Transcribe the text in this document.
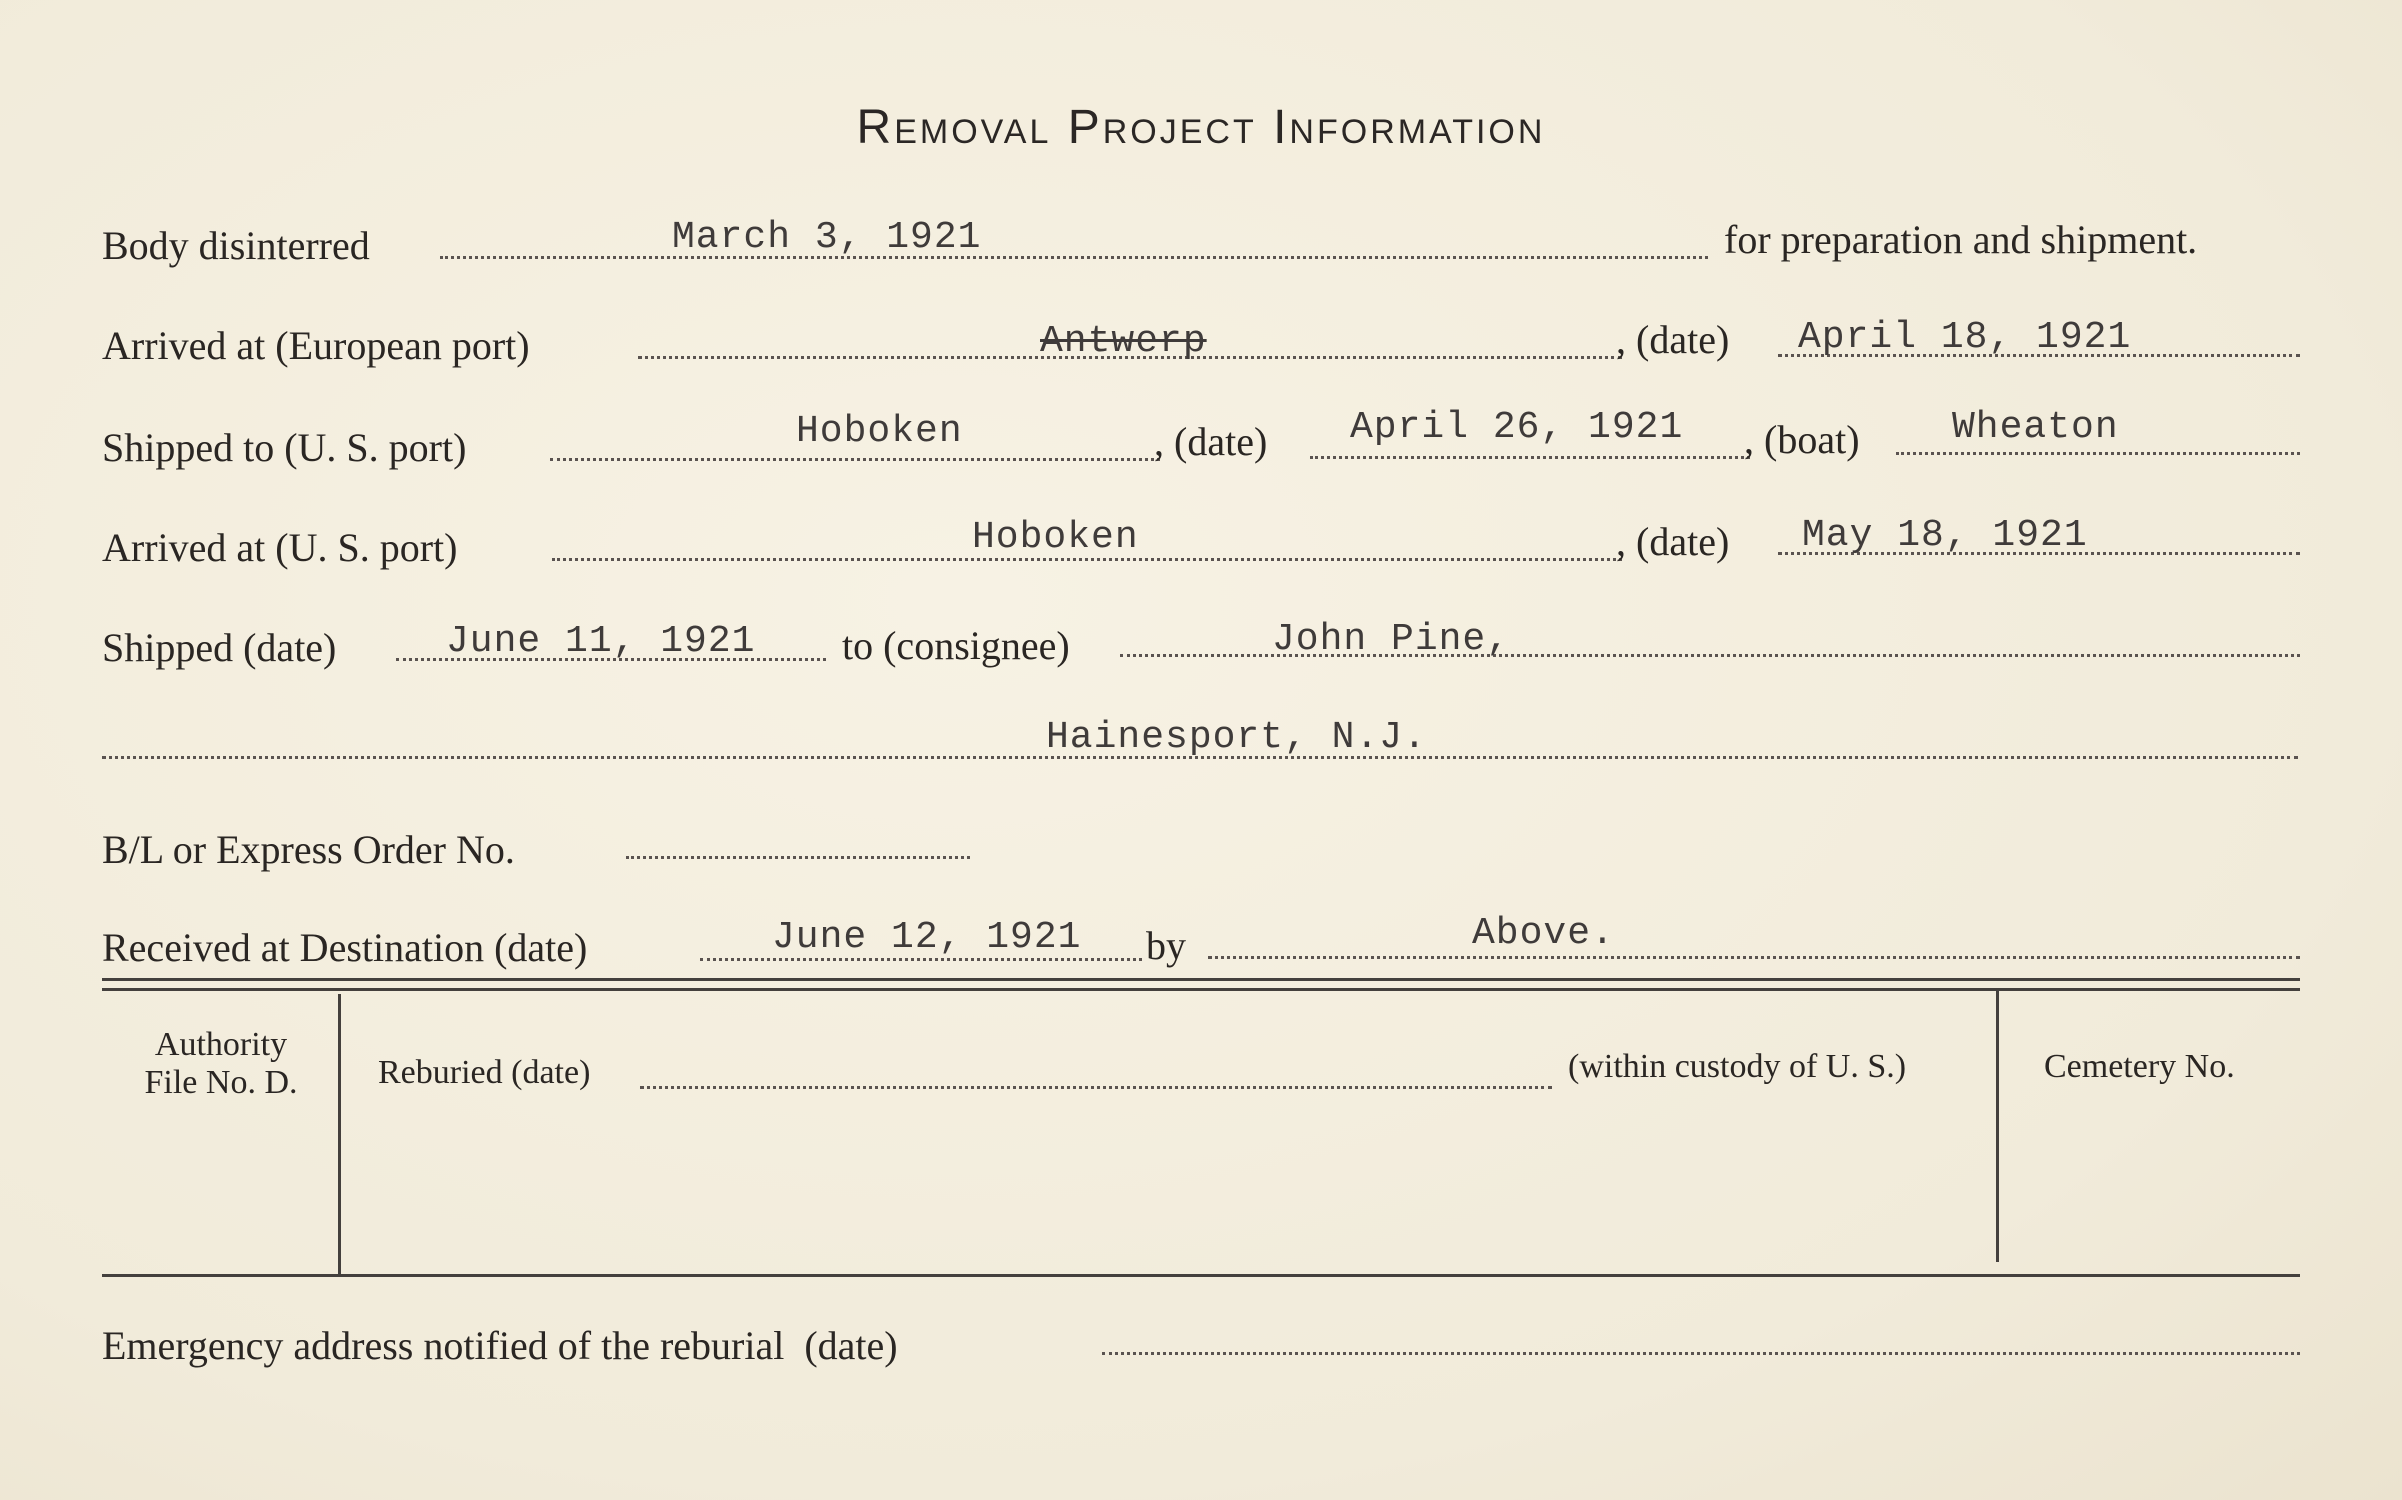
Removal Project Information
Body disinterred	March 3, 1921	for preparation and shipment.
Arrived at (European port)	Antwerp	, (date) April 18, 1921
Shipped to (U. S. port)	Hoboken	, (date) April 26, 1921 , (boat) Wheaton
Arrived at (U. S. port)	Hoboken	, (date) May 18, 1921
Shipped (date)	June 11, 1921 to (consignee)	John Pine,
Hainesport, N.J.
B/L or Express Order No.
Received at Destination (date)	June 12, 1921 by	Above.
Authority
File No. D.	Reburied (date)	(within custody of U. S.)	Cemetery No.
Emergency address notified of the reburial  (date)
